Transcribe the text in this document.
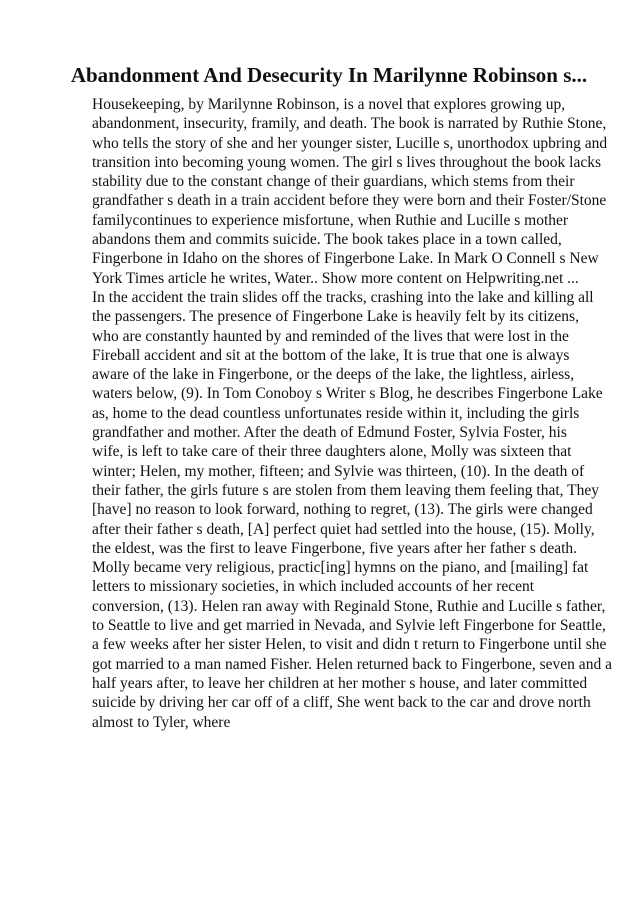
Abandonment And Desecurity In Marilynne Robinson s...

Housekeeping, by Marilynne Robinson, is a novel that explores growing up,
abandonment, insecurity, framily, and death. The book is narrated by Ruthie Stone,
who tells the story of she and her younger sister, Lucille s, unorthodox upbring and
transition into becoming young women. The girl s lives throughout the book lacks
stability due to the constant change of their guardians, which stems from their
grandfather s death in a train accident before they were born and their Foster/Stone
familycontinues to experience misfortune, when Ruthie and Lucille s mother
abandons them and commits suicide. The book takes place in a town called,
Fingerbone in Idaho on the shores of Fingerbone Lake. In Mark O Connell s New
York Times article he writes, Water.. Show more content on Helpwriting.net ...
In the accident the train slides off the tracks, crashing into the lake and killing all
the passengers. The presence of Fingerbone Lake is heavily felt by its citizens,
who are constantly haunted by and reminded of the lives that were lost in the
Fireball accident and sit at the bottom of the lake, It is true that one is always
aware of the lake in Fingerbone, or the deeps of the lake, the lightless, airless,
waters below, (9). In Tom Conoboy s Writer s Blog, he describes Fingerbone Lake
as, home to the dead countless unfortunates reside within it, including the girls
grandfather and mother. After the death of Edmund Foster, Sylvia Foster, his
wife, is left to take care of their three daughters alone, Molly was sixteen that
winter; Helen, my mother, fifteen; and Sylvie was thirteen, (10). In the death of
their father, the girls future s are stolen from them leaving them feeling that, They
[have] no reason to look forward, nothing to regret, (13). The girls were changed
after their father s death, [A] perfect quiet had settled into the house, (15). Molly,
the eldest, was the first to leave Fingerbone, five years after her father s death.
Molly became very religious, practic[ing] hymns on the piano, and [mailing] fat
letters to missionary societies, in which included accounts of her recent
conversion, (13). Helen ran away with Reginald Stone, Ruthie and Lucille s father,
to Seattle to live and get married in Nevada, and Sylvie left Fingerbone for Seattle,
a few weeks after her sister Helen, to visit and didn t return to Fingerbone until she
got married to a man named Fisher. Helen returned back to Fingerbone, seven and a
half years after, to leave her children at her mother s house, and later committed
suicide by driving her car off of a cliff, She went back to the car and drove north
almost to Tyler, where
